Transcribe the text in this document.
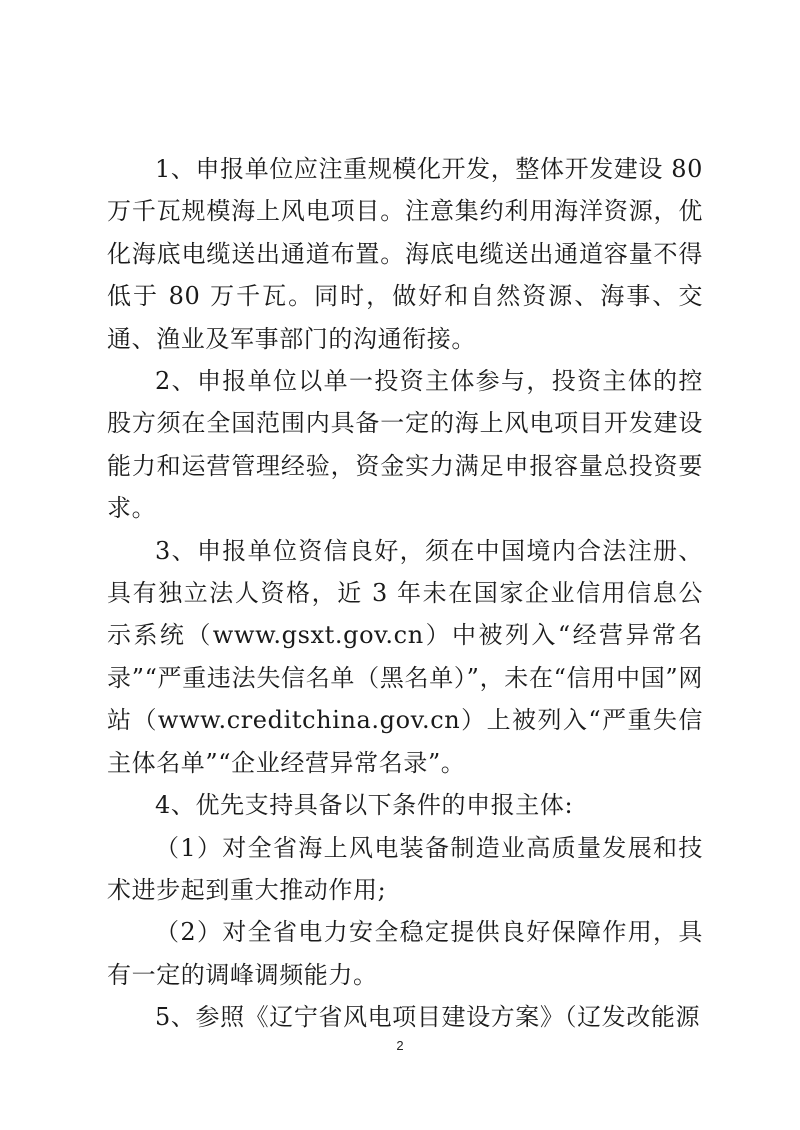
1、申报单位应注重规模化开发，整体开发建设 80 万千瓦规模海上风电项目。注意集约利用海洋资源，优化海底电缆送出通道布置。海底电缆送出通道容量不得低于 80 万千瓦。同时，做好和自然资源、海事、交通、渔业及军事部门的沟通衔接。

2、申报单位以单一投资主体参与，投资主体的控股方须在全国范围内具备一定的海上风电项目开发建设能力和运营管理经验，资金实力满足申报容量总投资要求。

3、申报单位资信良好，须在中国境内合法注册、具有独立法人资格，近 3 年未在国家企业信用信息公示系统（www.gsxt.gov.cn）中被列入“经营异常名录”“严重违法失信名单（黑名单）”，未在“信用中国”网站（www.creditchina.gov.cn）上被列入“严重失信主体名单”“企业经营异常名录”。

4、优先支持具备以下条件的申报主体:

（1）对全省海上风电装备制造业高质量发展和技术进步起到重大推动作用;

（2）对全省电力安全稳定提供良好保障作用，具有一定的调峰调频能力。

5、参照《辽宁省风电项目建设方案》（辽发改能源

2
